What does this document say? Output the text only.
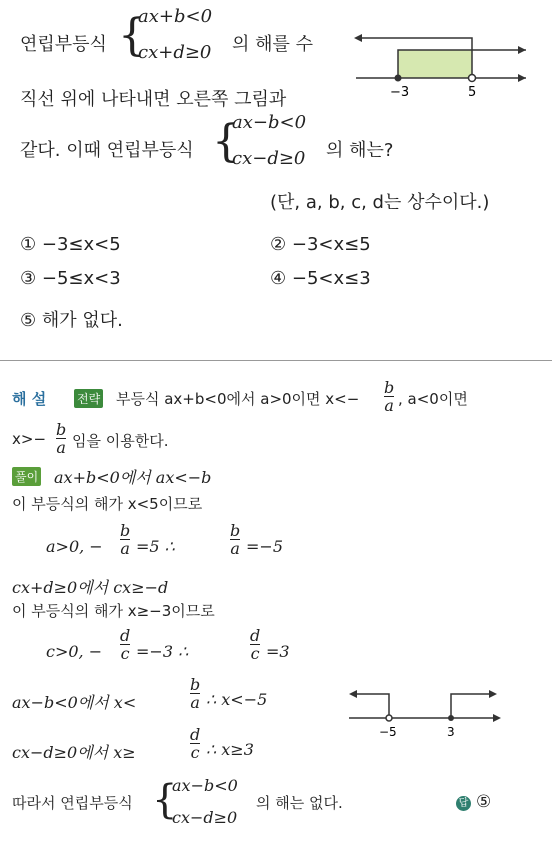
연립부등식 {
ax+b<0
cx+d≥0 의 해를 수
−3	5
직선 위에 나타내면 오른쪽 그림과
같다. 이때 연립부등식 {
ax−b<0
cx−d≥0 의 해는?
(단, a, b, c, d는 상수이다.)
① −3≤x<5	② −3<x≤5
③ −5≤x<3	④ −5<x≤3
⑤ 해가 없다.
해 설	전략 부등식 ax+b<0에서 a>0이면 $x<- \frac{b}{a}$ , a<0이면
$x>- \frac{b}{a}$ 임을 이용한다.
풀이 ax+b<0에서 ax<−b
이 부등식의 해가 x<5이므로
a>0, − $\frac{b}{a} =5$ ∴	$\frac{b}{a} =-5$
cx+d≥0에서 cx≥−d
이 부등식의 해가 x≥−3이므로
c>0, − $\frac{d}{c} =-3$ ∴	$\frac{d}{c} =3$
ax−b<0에서 x<	$\frac{b}{a}$ ∴ x<−5
cx−d≥0에서 x≥	$\frac{d}{c}$ ∴ x≥3
−5	3
따라서 연립부등식 {
ax−b<0
cx−d≥0
의 해는 없다.	답 ⑤
